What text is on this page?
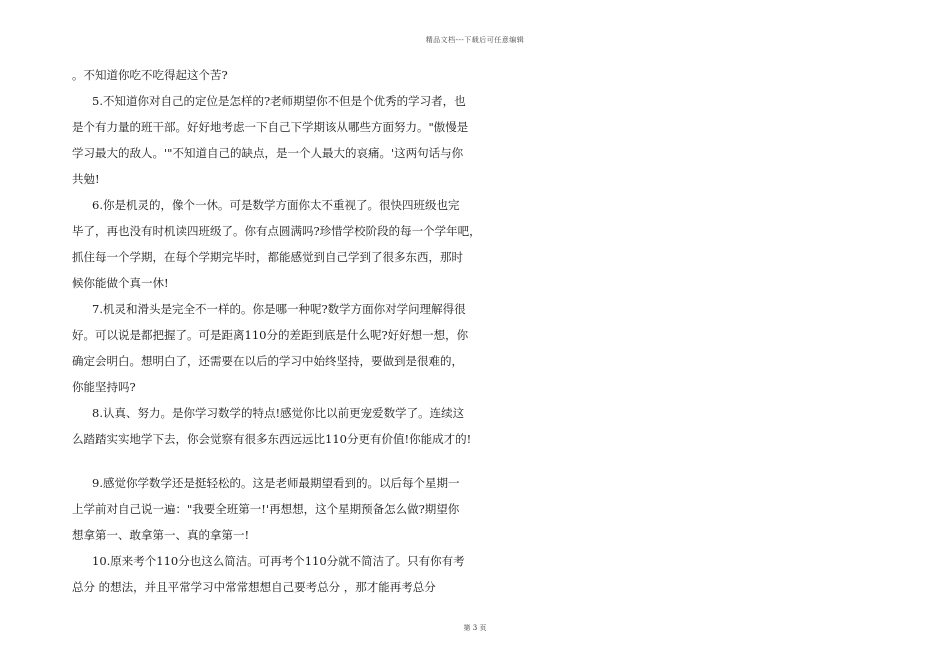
精品文档---下载后可任意编辑
。不知道你吃不吃得起这个苦?
5.不知道你对自己的定位是怎样的?老师期望你不但是个优秀的学习者，也
是个有力量的班干部。好好地考虑一下自己下学期该从哪些方面努力。"傲慢是
学习最大的敌人。'"不知道自己的缺点，是一个人最大的哀痛。'这两句话与你
共勉!
6.你是机灵的，像个一休。可是数学方面你太不重视了。很快四班级也完
毕了，再也没有时机读四班级了。你有点圆满吗?珍惜学校阶段的每一个学年吧，
抓住每一个学期，在每个学期完毕时，都能感觉到自己学到了很多东西，那时
候你能做个真一休!
7.机灵和滑头是完全不一样的。你是哪一种呢?数学方面你对学问理解得很
好。可以说是都把握了。可是距离110分的差距到底是什么呢?好好想一想，你
确定会明白。想明白了，还需要在以后的学习中始终坚持，要做到是很难的，
你能坚持吗?
8.认真、努力。是你学习数学的特点!感觉你比以前更宠爱数学了。连续这
么踏踏实实地学下去，你会觉察有很多东西远远比110分更有价值!你能成才的!
9.感觉你学数学还是挺轻松的。这是老师最期望看到的。以后每个星期一
上学前对自己说一遍："我要全班第一!'再想想，这个星期预备怎么做?期望你
想拿第一、敢拿第一、真的拿第一!
10.原来考个110分也这么简洁。可再考个110分就不简洁了。只有你有考
总分 的想法，并且平常学习中常常想想自己要考总分 ，那才能再考总分
第 3 页
